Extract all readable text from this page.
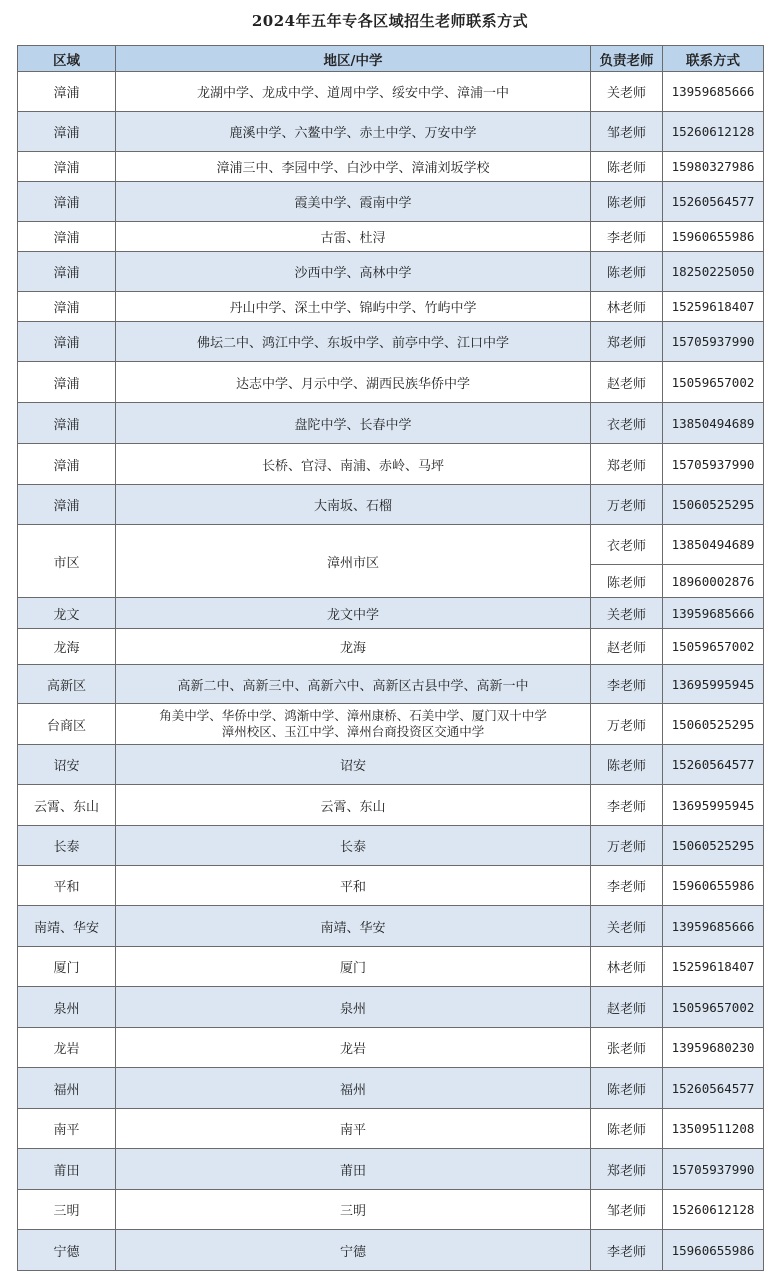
2024年五年专各区域招生老师联系方式
区域	地区/中学	负责老师	联系方式
漳浦	龙湖中学、龙成中学、道周中学、绥安中学、漳浦一中	关老师	13959685666
漳浦	鹿溪中学、六鳌中学、赤土中学、万安中学	邹老师	15260612128
漳浦	漳浦三中、李园中学、白沙中学、漳浦刘坂学校	陈老师	15980327986
漳浦	霞美中学、霞南中学	陈老师	15260564577
漳浦	古雷、杜浔	李老师	15960655986
漳浦	沙西中学、高林中学	陈老师	18250225050
漳浦	丹山中学、深土中学、锦屿中学、竹屿中学	林老师	15259618407
漳浦	佛坛二中、鸿江中学、东坂中学、前亭中学、江口中学	郑老师	15705937990
漳浦	达志中学、月示中学、湖西民族华侨中学	赵老师	15059657002
漳浦	盘陀中学、长春中学	衣老师	13850494689
漳浦	长桥、官浔、南浦、赤岭、马坪	郑老师	15705937990
漳浦	大南坂、石榴	万老师	15060525295
市区	漳州市区	衣老师	13850494689
		陈老师	18960002876
龙文	龙文中学	关老师	13959685666
龙海	龙海	赵老师	15059657002
高新区	高新二中、高新三中、高新六中、高新区古县中学、高新一中	李老师	13695995945
台商区	角美中学、华侨中学、鸿渐中学、漳州康桥、石美中学、厦门双十中学
漳州校区、玉江中学、漳州台商投资区交通中学	万老师	15060525295
诏安	诏安	陈老师	15260564577
云霄、东山	云霄、东山	李老师	13695995945
长泰	长泰	万老师	15060525295
平和	平和	李老师	15960655986
南靖、华安	南靖、华安	关老师	13959685666
厦门	厦门	林老师	15259618407
泉州	泉州	赵老师	15059657002
龙岩	龙岩	张老师	13959680230
福州	福州	陈老师	15260564577
南平	南平	陈老师	13509511208
莆田	莆田	郑老师	15705937990
三明	三明	邹老师	15260612128
宁德	宁德	李老师	15960655986
